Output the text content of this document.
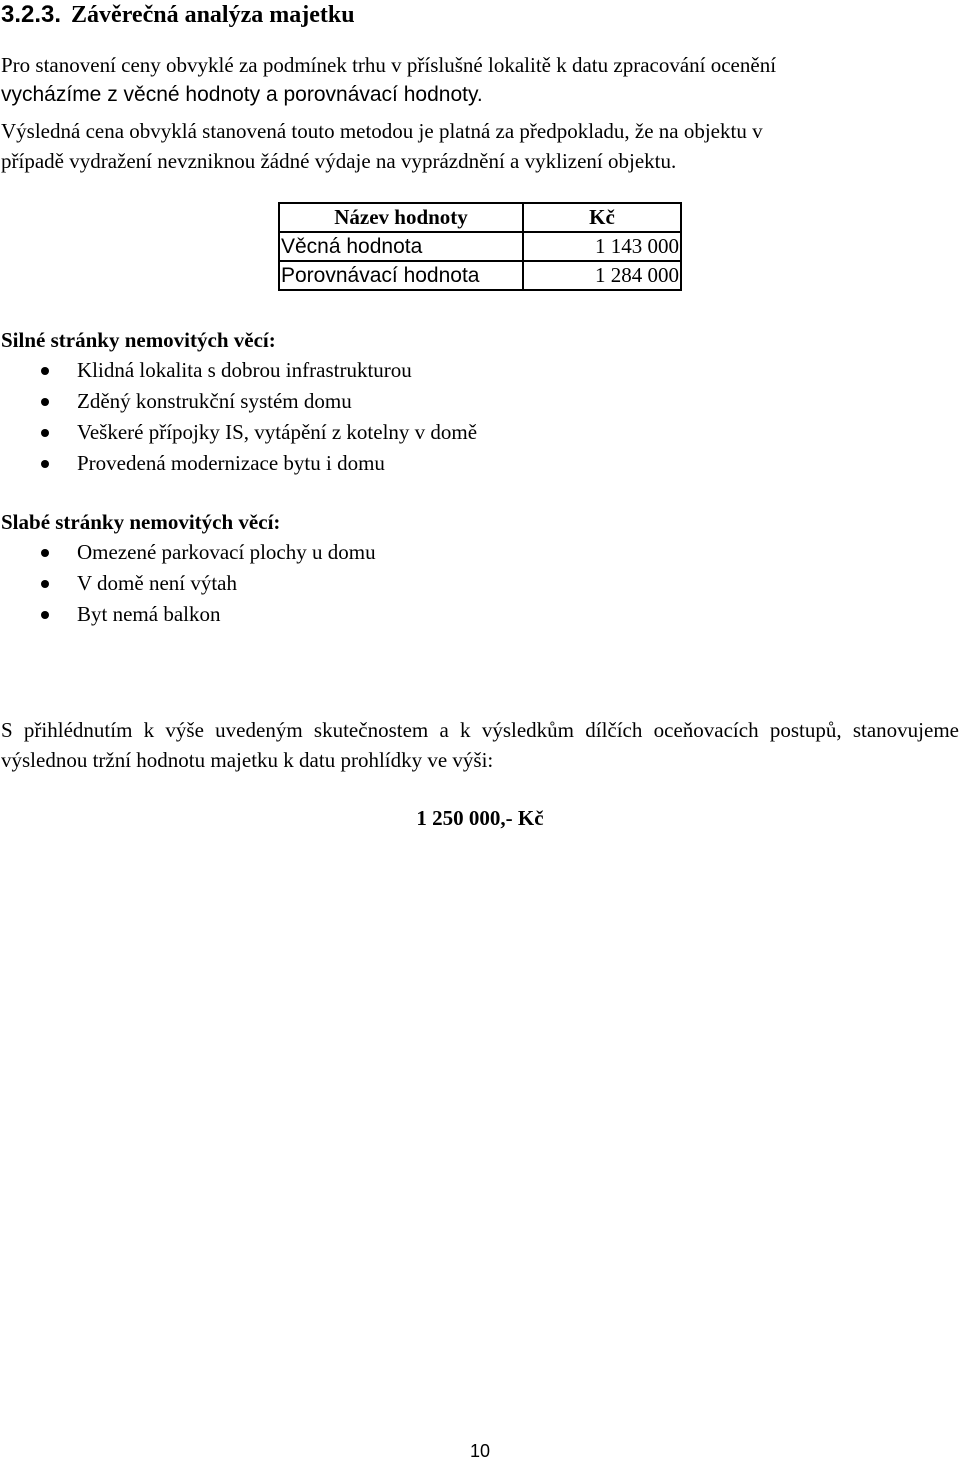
3.2.3. Závěrečná analýza majetku
Pro stanovení ceny obvyklé za podmínek trhu v příslušné lokalitě k datu zpracování ocenění
vycházíme z věcné hodnoty a porovnávací hodnoty.
Výsledná cena obvyklá stanovená touto metodou je platná za předpokladu, že na objektu v
případě vydražení nevzniknou žádné výdaje na vyprázdnění a vyklizení objektu.
Název hodnoty	Kč
Věcná hodnota	1 143 000
Porovnávací hodnota	1 284 000
Silné stránky nemovitých věcí:
Klidná lokalita s dobrou infrastrukturou
Zděný konstrukční systém domu
Veškeré přípojky IS, vytápění z kotelny v domě
Provedená modernizace bytu i domu
Slabé stránky nemovitých věcí:
Omezené parkovací plochy u domu
V domě není výtah
Byt nemá balkon
S přihlédnutím k výše uvedeným skutečnostem a k výsledkům dílčích oceňovacích postupů, stanovujeme výslednou tržní hodnotu majetku k datu prohlídky ve výši:
1 250 000,- Kč
10
